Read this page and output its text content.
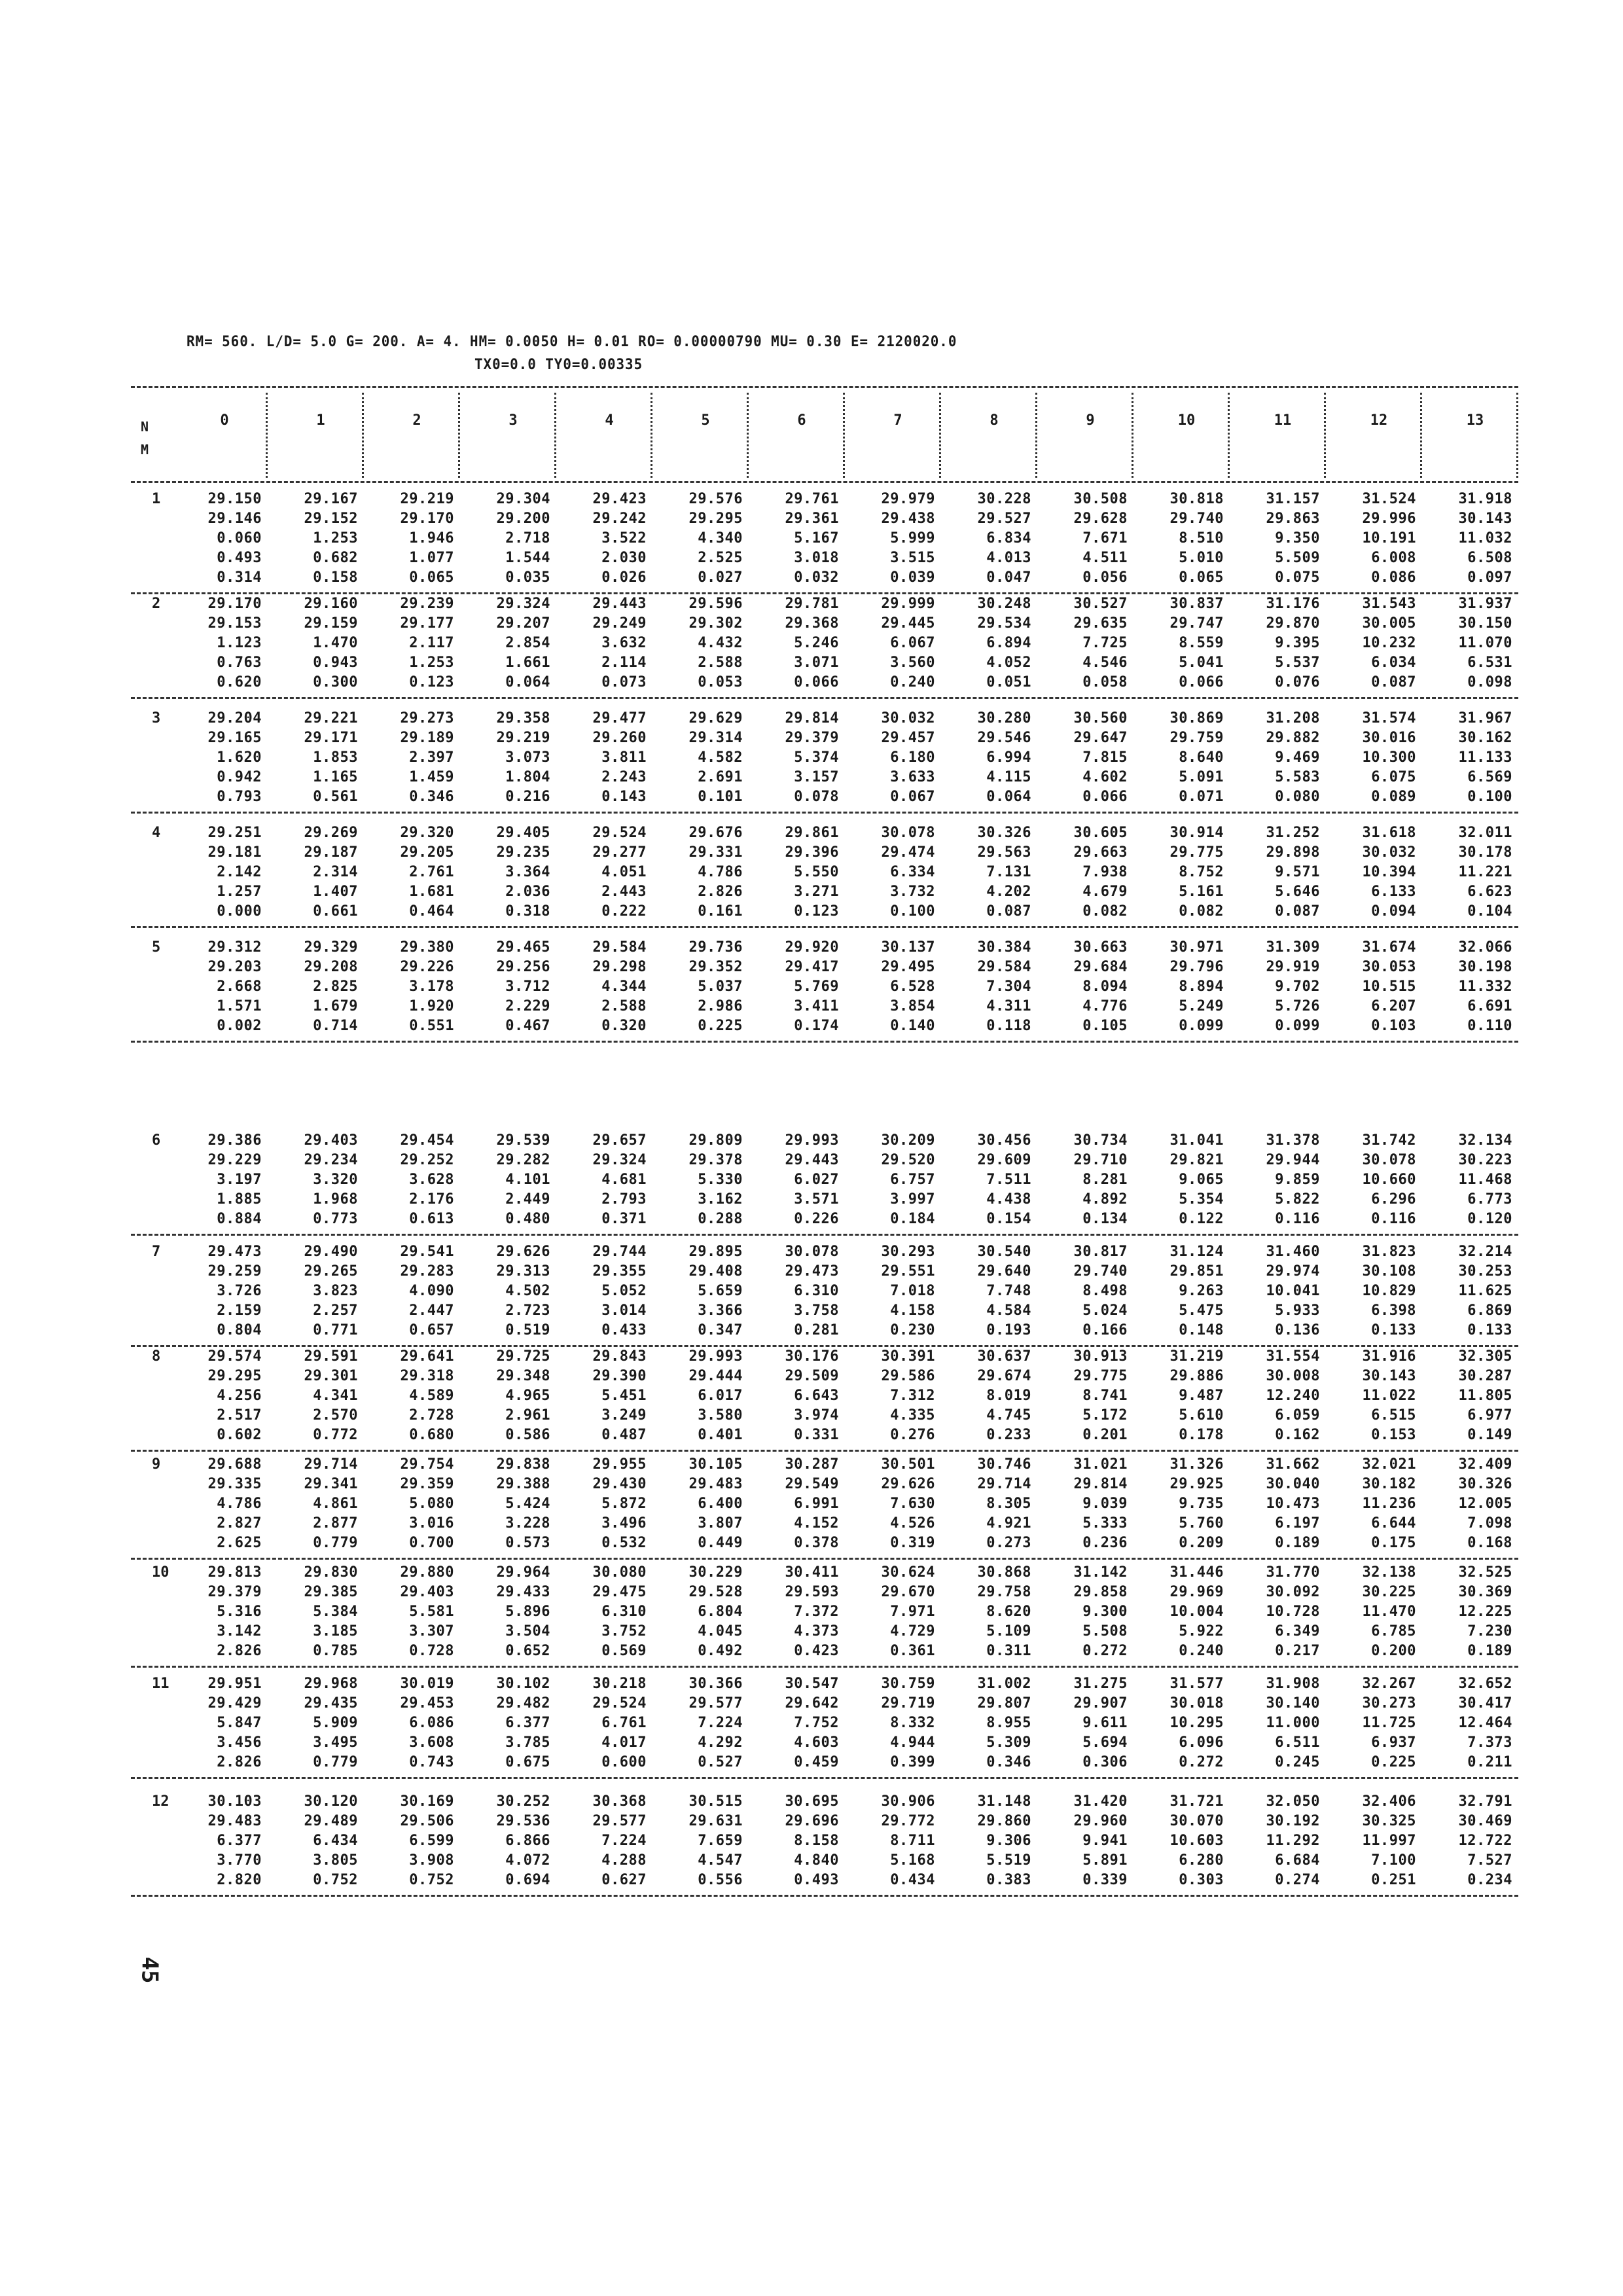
RM= 560. L/D= 5.0 G= 200. A= 4. HM= 0.0050 H= 0.01 RO= 0.00000790 MU= 0.30 E= 2120020.0
TX0=0.0 TY0=0.00335
N
M
0	1	2	3	4	5	6	7	8	9	10	11	12	13
1	29.150	29.167	29.219	29.304	29.423	29.576	29.761	29.979	30.228	30.508	30.818	31.157	31.524	31.918
29.146	29.152	29.170	29.200	29.242	29.295	29.361	29.438	29.527	29.628	29.740	29.863	29.996	30.143
0.060	1.253	1.946	2.718	3.522	4.340	5.167	5.999	6.834	7.671	8.510	9.350	10.191	11.032
0.493	0.682	1.077	1.544	2.030	2.525	3.018	3.515	4.013	4.511	5.010	5.509	6.008	6.508
0.314	0.158	0.065	0.035	0.026	0.027	0.032	0.039	0.047	0.056	0.065	0.075	0.086	0.097
2	29.170	29.160	29.239	29.324	29.443	29.596	29.781	29.999	30.248	30.527	30.837	31.176	31.543	31.937
29.153	29.159	29.177	29.207	29.249	29.302	29.368	29.445	29.534	29.635	29.747	29.870	30.005	30.150
1.123	1.470	2.117	2.854	3.632	4.432	5.246	6.067	6.894	7.725	8.559	9.395	10.232	11.070
0.763	0.943	1.253	1.661	2.114	2.588	3.071	3.560	4.052	4.546	5.041	5.537	6.034	6.531
0.620	0.300	0.123	0.064	0.073	0.053	0.066	0.240	0.051	0.058	0.066	0.076	0.087	0.098
3	29.204	29.221	29.273	29.358	29.477	29.629	29.814	30.032	30.280	30.560	30.869	31.208	31.574	31.967
29.165	29.171	29.189	29.219	29.260	29.314	29.379	29.457	29.546	29.647	29.759	29.882	30.016	30.162
1.620	1.853	2.397	3.073	3.811	4.582	5.374	6.180	6.994	7.815	8.640	9.469	10.300	11.133
0.942	1.165	1.459	1.804	2.243	2.691	3.157	3.633	4.115	4.602	5.091	5.583	6.075	6.569
0.793	0.561	0.346	0.216	0.143	0.101	0.078	0.067	0.064	0.066	0.071	0.080	0.089	0.100
4	29.251	29.269	29.320	29.405	29.524	29.676	29.861	30.078	30.326	30.605	30.914	31.252	31.618	32.011
29.181	29.187	29.205	29.235	29.277	29.331	29.396	29.474	29.563	29.663	29.775	29.898	30.032	30.178
2.142	2.314	2.761	3.364	4.051	4.786	5.550	6.334	7.131	7.938	8.752	9.571	10.394	11.221
1.257	1.407	1.681	2.036	2.443	2.826	3.271	3.732	4.202	4.679	5.161	5.646	6.133	6.623
0.000	0.661	0.464	0.318	0.222	0.161	0.123	0.100	0.087	0.082	0.082	0.087	0.094	0.104
5	29.312	29.329	29.380	29.465	29.584	29.736	29.920	30.137	30.384	30.663	30.971	31.309	31.674	32.066
29.203	29.208	29.226	29.256	29.298	29.352	29.417	29.495	29.584	29.684	29.796	29.919	30.053	30.198
2.668	2.825	3.178	3.712	4.344	5.037	5.769	6.528	7.304	8.094	8.894	9.702	10.515	11.332
1.571	1.679	1.920	2.229	2.588	2.986	3.411	3.854	4.311	4.776	5.249	5.726	6.207	6.691
0.002	0.714	0.551	0.467	0.320	0.225	0.174	0.140	0.118	0.105	0.099	0.099	0.103	0.110
6	29.386	29.403	29.454	29.539	29.657	29.809	29.993	30.209	30.456	30.734	31.041	31.378	31.742	32.134
29.229	29.234	29.252	29.282	29.324	29.378	29.443	29.520	29.609	29.710	29.821	29.944	30.078	30.223
3.197	3.320	3.628	4.101	4.681	5.330	6.027	6.757	7.511	8.281	9.065	9.859	10.660	11.468
1.885	1.968	2.176	2.449	2.793	3.162	3.571	3.997	4.438	4.892	5.354	5.822	6.296	6.773
0.884	0.773	0.613	0.480	0.371	0.288	0.226	0.184	0.154	0.134	0.122	0.116	0.116	0.120
7	29.473	29.490	29.541	29.626	29.744	29.895	30.078	30.293	30.540	30.817	31.124	31.460	31.823	32.214
29.259	29.265	29.283	29.313	29.355	29.408	29.473	29.551	29.640	29.740	29.851	29.974	30.108	30.253
3.726	3.823	4.090	4.502	5.052	5.659	6.310	7.018	7.748	8.498	9.263	10.041	10.829	11.625
2.159	2.257	2.447	2.723	3.014	3.366	3.758	4.158	4.584	5.024	5.475	5.933	6.398	6.869
0.804	0.771	0.657	0.519	0.433	0.347	0.281	0.230	0.193	0.166	0.148	0.136	0.133	0.133
8	29.574	29.591	29.641	29.725	29.843	29.993	30.176	30.391	30.637	30.913	31.219	31.554	31.916	32.305
29.295	29.301	29.318	29.348	29.390	29.444	29.509	29.586	29.674	29.775	29.886	30.008	30.143	30.287
4.256	4.341	4.589	4.965	5.451	6.017	6.643	7.312	8.019	8.741	9.487	12.240	11.022	11.805
2.517	2.570	2.728	2.961	3.249	3.580	3.974	4.335	4.745	5.172	5.610	6.059	6.515	6.977
0.602	0.772	0.680	0.586	0.487	0.401	0.331	0.276	0.233	0.201	0.178	0.162	0.153	0.149
9	29.688	29.714	29.754	29.838	29.955	30.105	30.287	30.501	30.746	31.021	31.326	31.662	32.021	32.409
29.335	29.341	29.359	29.388	29.430	29.483	29.549	29.626	29.714	29.814	29.925	30.040	30.182	30.326
4.786	4.861	5.080	5.424	5.872	6.400	6.991	7.630	8.305	9.039	9.735	10.473	11.236	12.005
2.827	2.877	3.016	3.228	3.496	3.807	4.152	4.526	4.921	5.333	5.760	6.197	6.644	7.098
2.625	0.779	0.700	0.573	0.532	0.449	0.378	0.319	0.273	0.236	0.209	0.189	0.175	0.168
10	29.813	29.830	29.880	29.964	30.080	30.229	30.411	30.624	30.868	31.142	31.446	31.770	32.138	32.525
29.379	29.385	29.403	29.433	29.475	29.528	29.593	29.670	29.758	29.858	29.969	30.092	30.225	30.369
5.316	5.384	5.581	5.896	6.310	6.804	7.372	7.971	8.620	9.300	10.004	10.728	11.470	12.225
3.142	3.185	3.307	3.504	3.752	4.045	4.373	4.729	5.109	5.508	5.922	6.349	6.785	7.230
2.826	0.785	0.728	0.652	0.569	0.492	0.423	0.361	0.311	0.272	0.240	0.217	0.200	0.189
11	29.951	29.968	30.019	30.102	30.218	30.366	30.547	30.759	31.002	31.275	31.577	31.908	32.267	32.652
29.429	29.435	29.453	29.482	29.524	29.577	29.642	29.719	29.807	29.907	30.018	30.140	30.273	30.417
5.847	5.909	6.086	6.377	6.761	7.224	7.752	8.332	8.955	9.611	10.295	11.000	11.725	12.464
3.456	3.495	3.608	3.785	4.017	4.292	4.603	4.944	5.309	5.694	6.096	6.511	6.937	7.373
2.826	0.779	0.743	0.675	0.600	0.527	0.459	0.399	0.346	0.306	0.272	0.245	0.225	0.211
12	30.103	30.120	30.169	30.252	30.368	30.515	30.695	30.906	31.148	31.420	31.721	32.050	32.406	32.791
29.483	29.489	29.506	29.536	29.577	29.631	29.696	29.772	29.860	29.960	30.070	30.192	30.325	30.469
6.377	6.434	6.599	6.866	7.224	7.659	8.158	8.711	9.306	9.941	10.603	11.292	11.997	12.722
3.770	3.805	3.908	4.072	4.288	4.547	4.840	5.168	5.519	5.891	6.280	6.684	7.100	7.527
2.820	0.752	0.752	0.694	0.627	0.556	0.493	0.434	0.383	0.339	0.303	0.274	0.251	0.234
45
